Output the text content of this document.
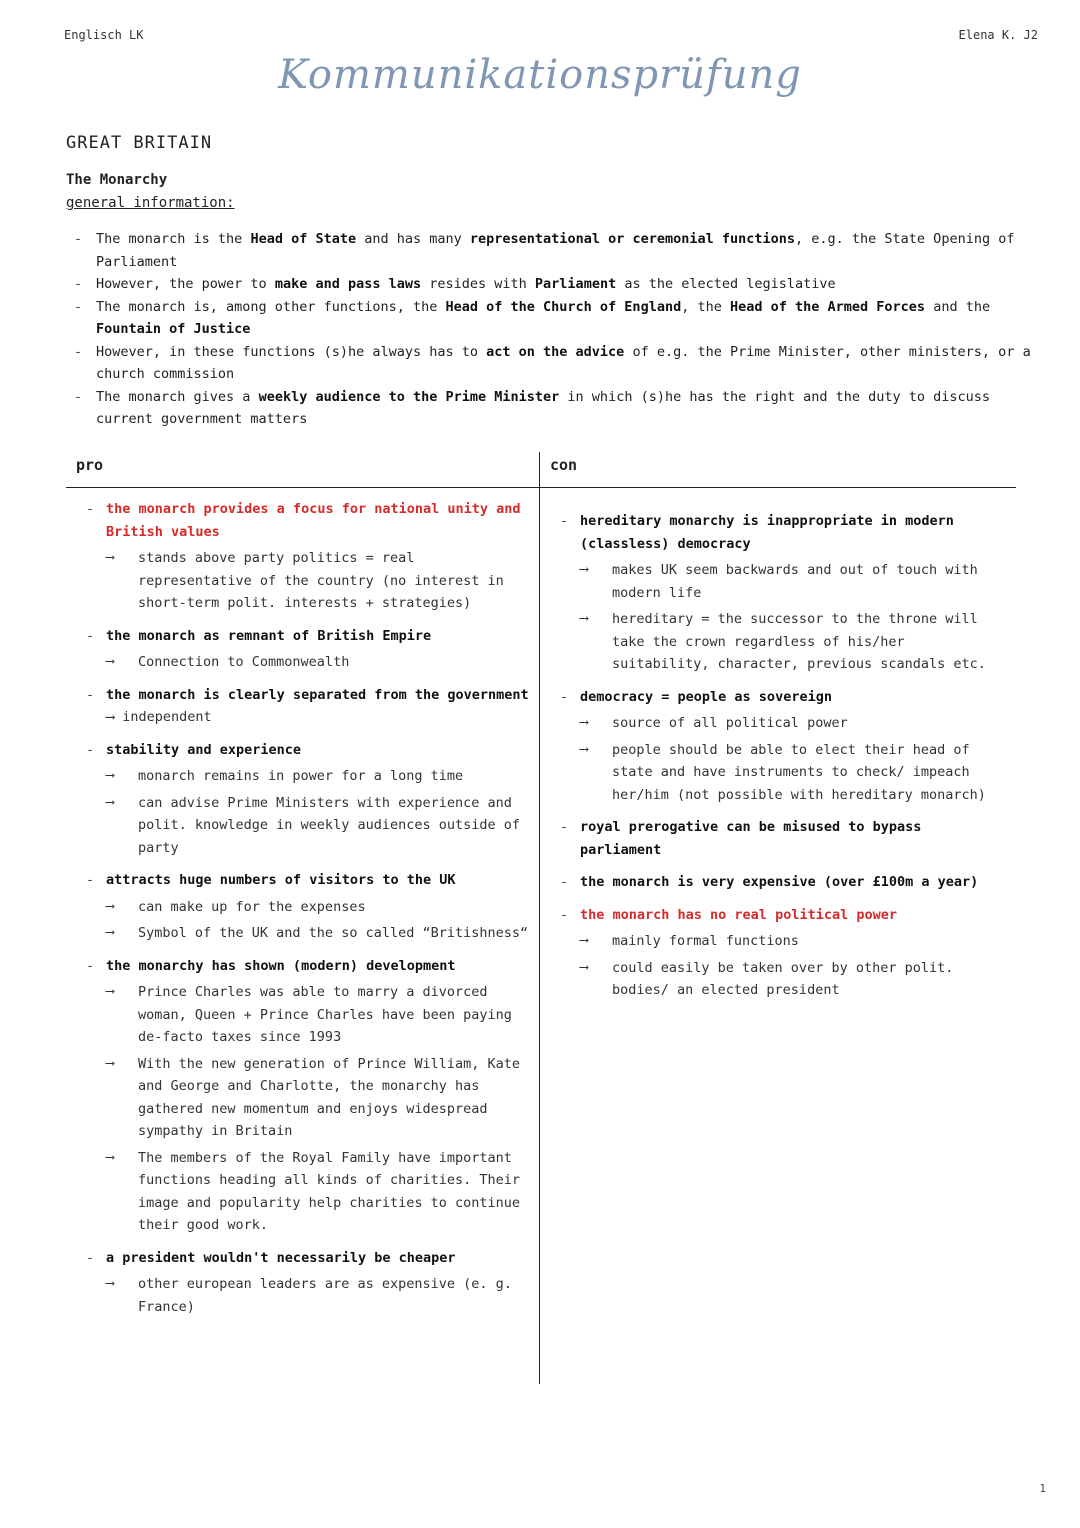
Englisch LK	Elena K. J2
Kommunikationsprüfung
GREAT BRITAIN
The Monarchy
general information:
- The monarch is the Head of State and has many representational or ceremonial functions, e.g. the State Opening of Parliament
- However, the power to make and pass laws resides with Parliament as the elected legislative
- The monarch is, among other functions, the Head of the Church of England, the Head of the Armed Forces and the Fountain of Justice
- However, in these functions (s)he always has to act on the advice of e.g. the Prime Minister, other ministers, or a church commission
- The monarch gives a weekly audience to the Prime Minister in which (s)he has the right and the duty to discuss current government matters
pro	con
- the monarch provides a focus for national unity and British values
⟶ stands above party politics = real representative of the country (no interest in short-term polit. interests + strategies)
- the monarch as remnant of British Empire
⟶ Connection to Commonwealth
- the monarch is clearly separated from the government ⟶ independent
- stability and experience
⟶ monarch remains in power for a long time
⟶ can advise Prime Ministers with experience and polit. knowledge in weekly audiences outside of party
- attracts huge numbers of visitors to the UK
⟶ can make up for the expenses
⟶ Symbol of the UK and the so called “Britishness“
- the monarchy has shown (modern) development
⟶ Prince Charles was able to marry a divorced woman, Queen + Prince Charles have been paying de-facto taxes since 1993
⟶ With the new generation of Prince William, Kate and George and Charlotte, the monarchy has gathered new momentum and enjoys widespread sympathy in Britain
⟶ The members of the Royal Family have important functions heading all kinds of charities. Their image and popularity help charities to continue their good work.
- a president wouldn't necessarily be cheaper
⟶ other european leaders are as expensive (e. g. France)
- hereditary monarchy is inappropriate in modern (classless) democracy
⟶ makes UK seem backwards and out of touch with modern life
⟶ hereditary = the successor to the throne will take the crown regardless of his/her suitability, character, previous scandals etc.
- democracy = people as sovereign
⟶ source of all political power
⟶ people should be able to elect their head of state and have instruments to check/ impeach her/him (not possible with hereditary monarch)
- royal prerogative can be misused to bypass parliament
- the monarch is very expensive (over £100m a year)
- the monarch has no real political power
⟶ mainly formal functions
⟶ could easily be taken over by other polit. bodies/ an elected president
1
